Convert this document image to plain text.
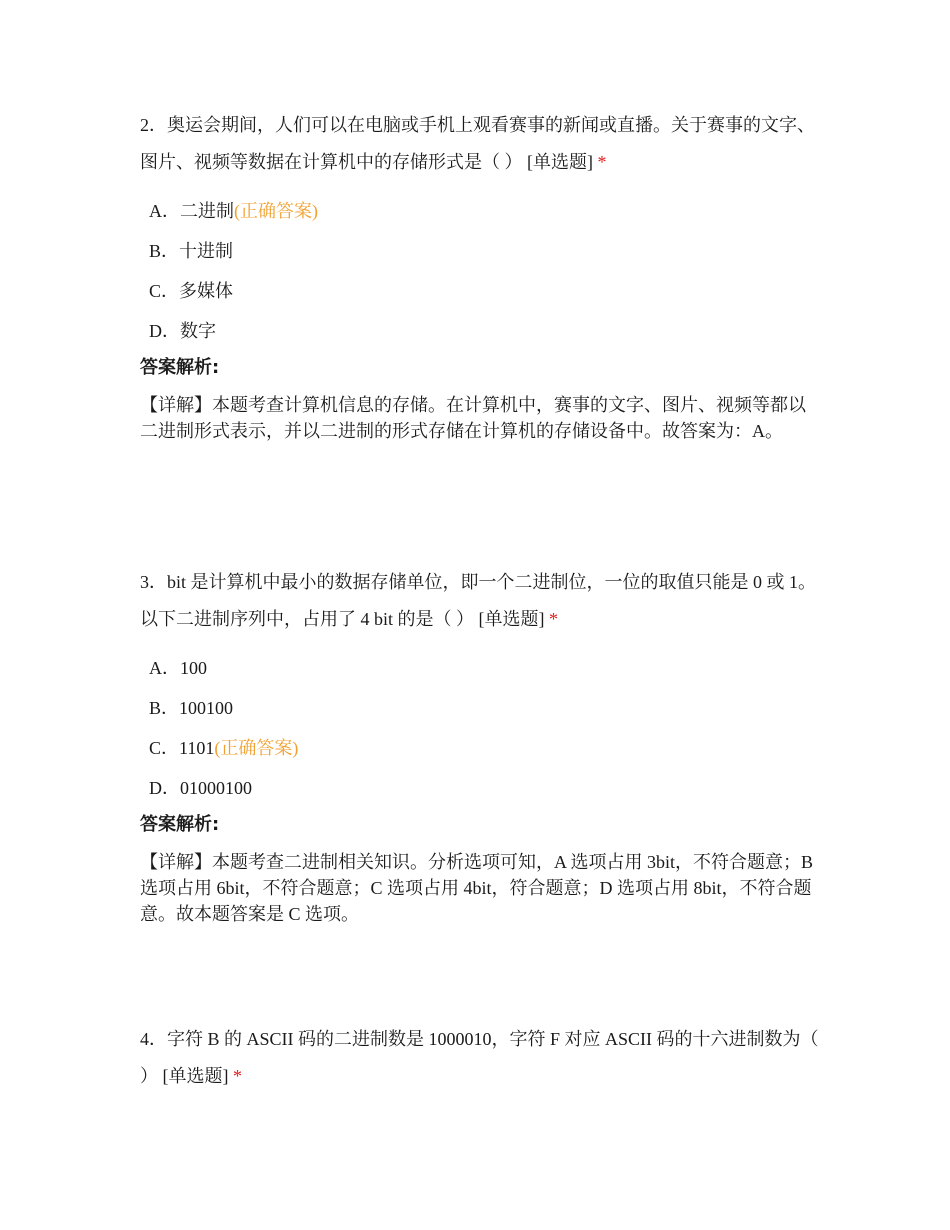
2．奥运会期间，人们可以在电脑或手机上观看赛事的新闻或直播。关于赛事的文字、图片、视频等数据在计算机中的存储形式是（ ） [单选题] *

A．二进制(正确答案)
B．十进制
C．多媒体
D．数字
答案解析:
【详解】本题考查计算机信息的存储。在计算机中，赛事的文字、图片、视频等都以二进制形式表示，并以二进制的形式存储在计算机的存储设备中。故答案为：A。

3．bit 是计算机中最小的数据存储单位，即一个二进制位，一位的取值只能是 0 或 1。以下二进制序列中，占用了 4 bit 的是（ ） [单选题] *

A．100
B．100100
C．1101(正确答案)
D．01000100
答案解析:
【详解】本题考查二进制相关知识。分析选项可知，A 选项占用 3bit，不符合题意；B 选项占用 6bit，不符合题意；C 选项占用 4bit，符合题意；D 选项占用 8bit，不符合题意。故本题答案是 C 选项。

4．字符 B 的 ASCII 码的二进制数是 1000010，字符 F 对应 ASCII 码的十六进制数为（ ） [单选题] *
